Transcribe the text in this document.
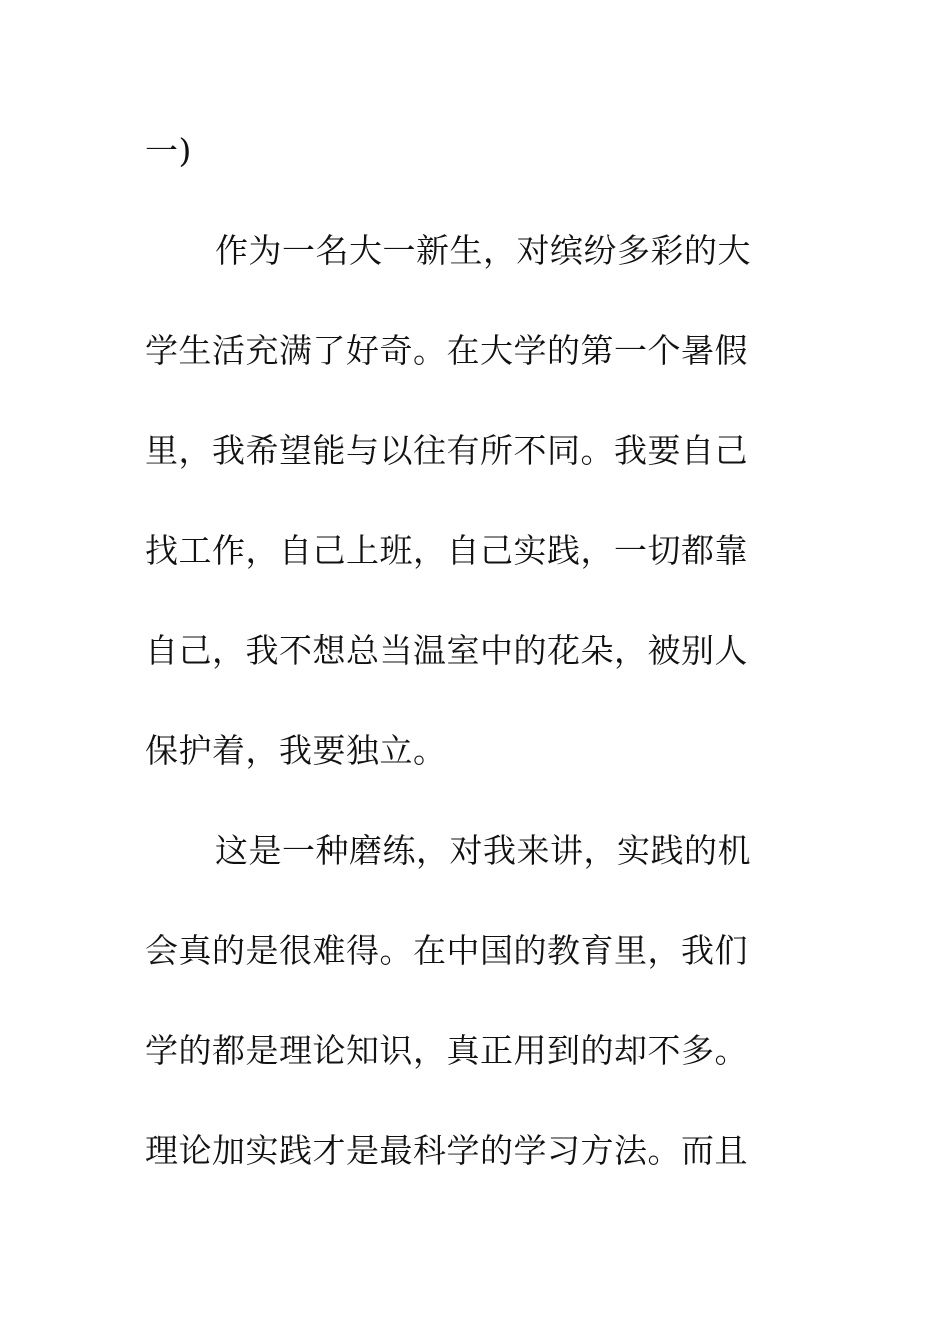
一)
作为一名大一新生，对缤纷多彩的大
学生活充满了好奇。在大学的第一个暑假
里，我希望能与以往有所不同。我要自己
找工作，自己上班，自己实践，一切都靠
自己，我不想总当温室中的花朵，被别人
保护着，我要独立。
这是一种磨练，对我来讲，实践的机
会真的是很难得。在中国的教育里，我们
学的都是理论知识，真正用到的却不多。
理论加实践才是最科学的学习方法。而且
